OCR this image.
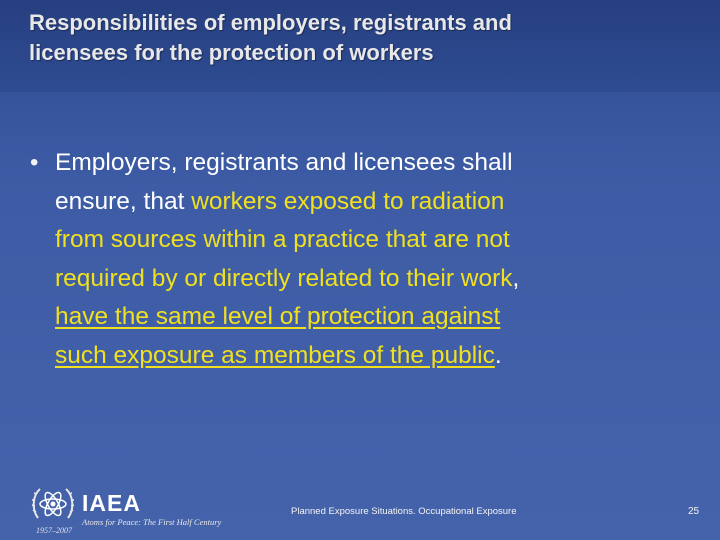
Responsibilities of employers, registrants and
licensees for the protection of workers
• Employers, registrants and licensees shall
ensure, that workers exposed to radiation
from sources within a practice that are not
required by or directly related to their work,
have the same level of protection against
such exposure as members of the public.
IAEA
Atoms for Peace: The First Half Century
1957–2007
Planned Exposure Situations. Occupational Exposure	25
